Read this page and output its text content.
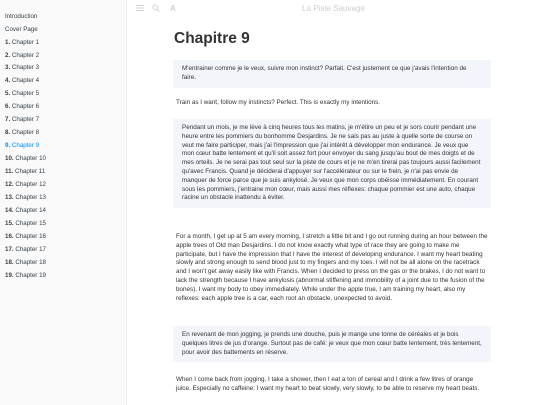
Introduction
Cover Page
1. Chapter 1
2. Chapter 2
3. Chapter 3
4. Chapter 4
5. Chapter 5
6. Chapter 6
7. Chapter 7
8. Chapter 8
9. Chapter 9
10. Chapter 10
11. Chapter 11
12. Chapter 12
13. Chapter 13
14. Chapter 14
15. Chapter 15
16. Chapter 16
17. Chapter 17
18. Chapter 18
19. Chapter 19
A	La Piste Sauvage
Chapitre 9
M'entrainer comme je le veux, suivre mon instinct? Parfait. C'est justement ce que j'avais l'intention de faire.
Train as I want, follow my instincts? Perfect. This is exactly my intentions.
Pendant un mois, je me lève à cinq heures tous les matins, je m'étire un peu et je sors courir pendant une heure entre les pommiers du bonhomme Desjardins. Je ne sais pas au juste à quelle sorte de course on veut me faire participer, mais j'ai l'impression que j'ai intérêt à développer mon endurance. Je veux que mon cœur batte lentement et qu'il soit assez fort pour envoyer du sang jusqu'au bout de mes doigts et de mes orteils. Je ne serai pas tout seul sur la piste de cours et je ne m'en tirerai pas toujours aussi facilement qu'avec Francis. Quand je déciderai d'appuyer sur l'accélérateur ou sur le frein, je n'ai pas envie de manquer de force parce que je suis ankylosé. Je veux que mon corps obéisse immédiatement. En courant sous les pommiers, j'entraine mon cœur, mais aussi mes réflexes: chaque pommier est une auto, chaque racine un obstacle inattendu à éviter.
For a month, I get up at 5 am every morning, I stretch a little bit and I go out running during an hour between the apple trees of Old man Desjardins. I do not know exactly what type of race they are going to make me participate, but I have the impression that I have the interest of developing endurance. I want my heart beating slowly and strong enough to send blood just to my fingers and my toes. I will not be all alone on the racetrack and I won't get away easily like with Francis. When I decided to press on the gas or the brakes, I do not want to lack the strength because I have ankylosis (abnormal stiffening and immobility of a joint due to the fusion of the bones). I want my body to obey immediately. While under the apple true, I am training my heart, also my reflexes: each apple tree is a car, each root an obstacle, unexpected to avoid.
En revenant de mon jogging, je prends une douche, puis je mange une tonne de céréales et je bois quelques litres de jus d'orange. Surtout pas de café: je veux que mon cœur batte lentement, très lentement, pour avoir des battements en réserve.
When I come back from jogging, I take a shower, then I eat a ton of cereal and I drink a few litres of orange juice. Especially no caffeine: I want my heart to beat slowly, very slowly, to be able to reserve my heart beats.
